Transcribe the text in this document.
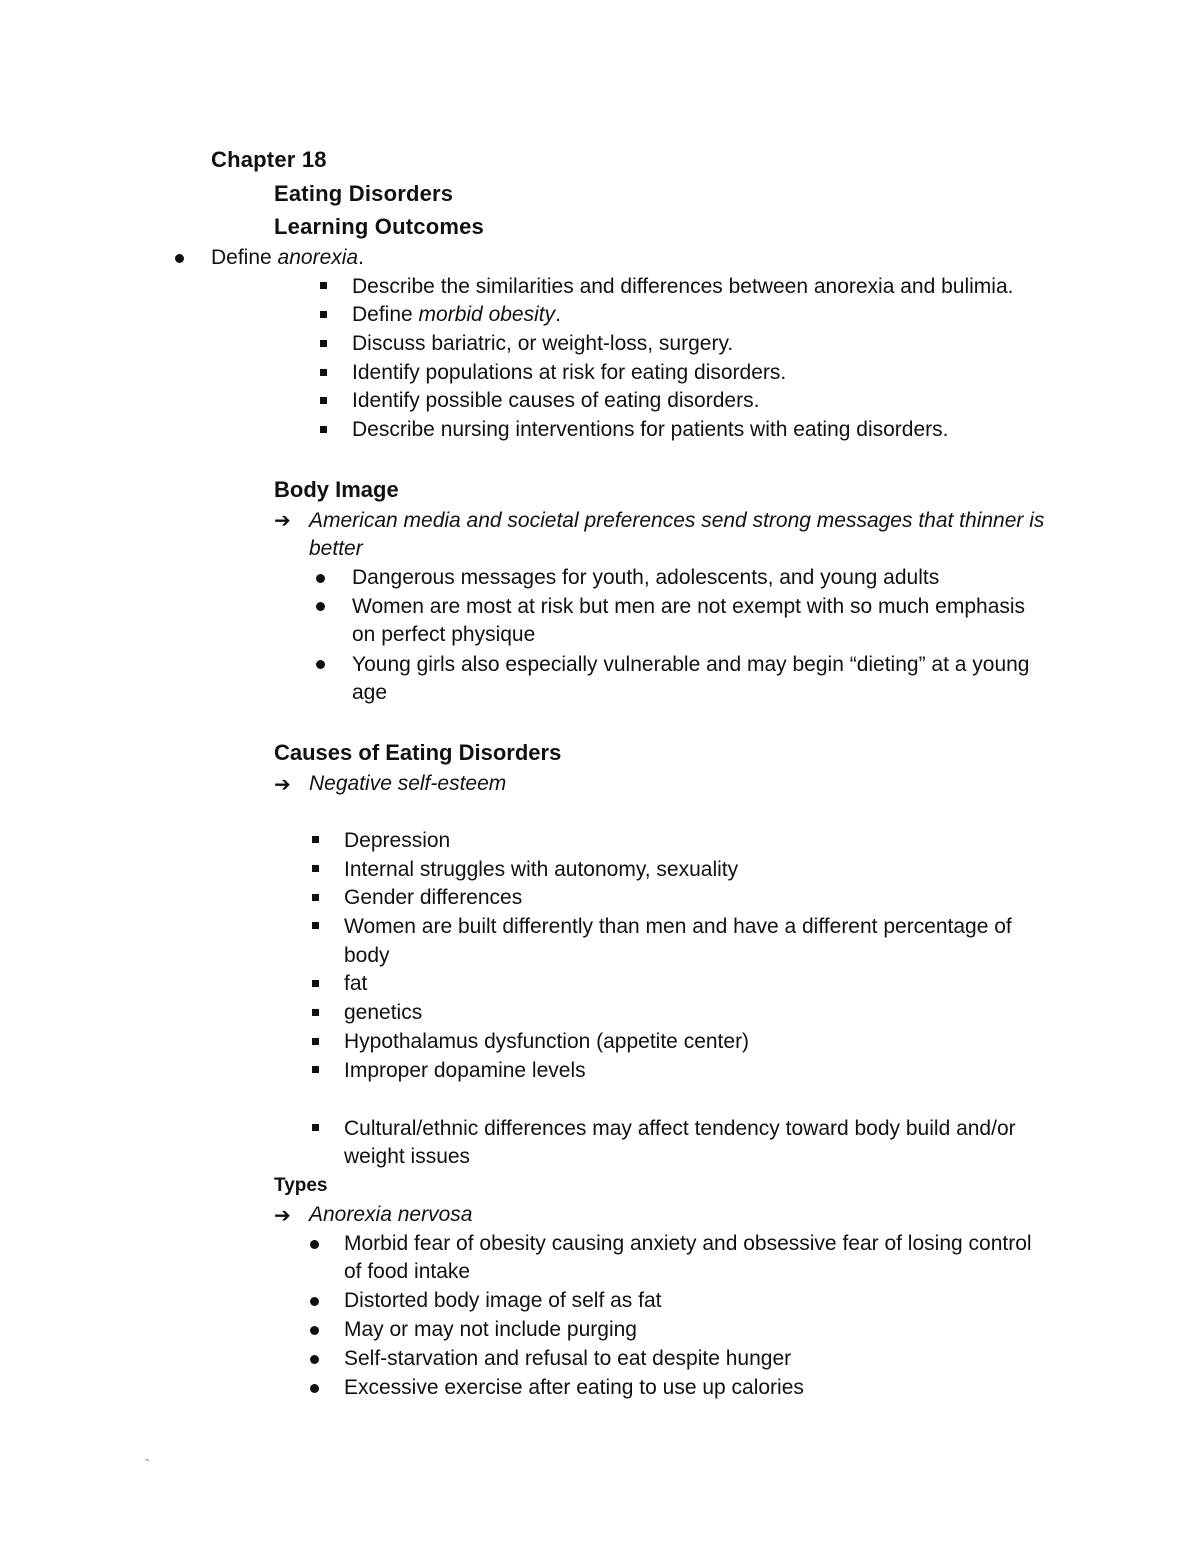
Chapter 18
Eating Disorders
Learning Outcomes
Define anorexia.
Describe the similarities and differences between anorexia and bulimia.
Define morbid obesity.
Discuss bariatric, or weight-loss, surgery.
Identify populations at risk for eating disorders.
Identify possible causes of eating disorders.
Describe nursing interventions for patients with eating disorders.
Body Image
➔ American media and societal preferences send strong messages that thinner is
better
Dangerous messages for youth, adolescents, and young adults
Women are most at risk but men are not exempt with so much emphasis
on perfect physique
Young girls also especially vulnerable and may begin “dieting” at a young
age
Causes of Eating Disorders
➔ Negative self-esteem
Depression
Internal struggles with autonomy, sexuality
Gender differences
Women are built differently than men and have a different percentage of
body
fat
genetics
Hypothalamus dysfunction (appetite center)
Improper dopamine levels
Cultural/ethnic differences may affect tendency toward body build and/or
weight issues
Types
➔ Anorexia nervosa
Morbid fear of obesity causing anxiety and obsessive fear of losing control
of food intake
Distorted body image of self as fat
May or may not include purging
Self-starvation and refusal to eat despite hunger
Excessive exercise after eating to use up calories
`
